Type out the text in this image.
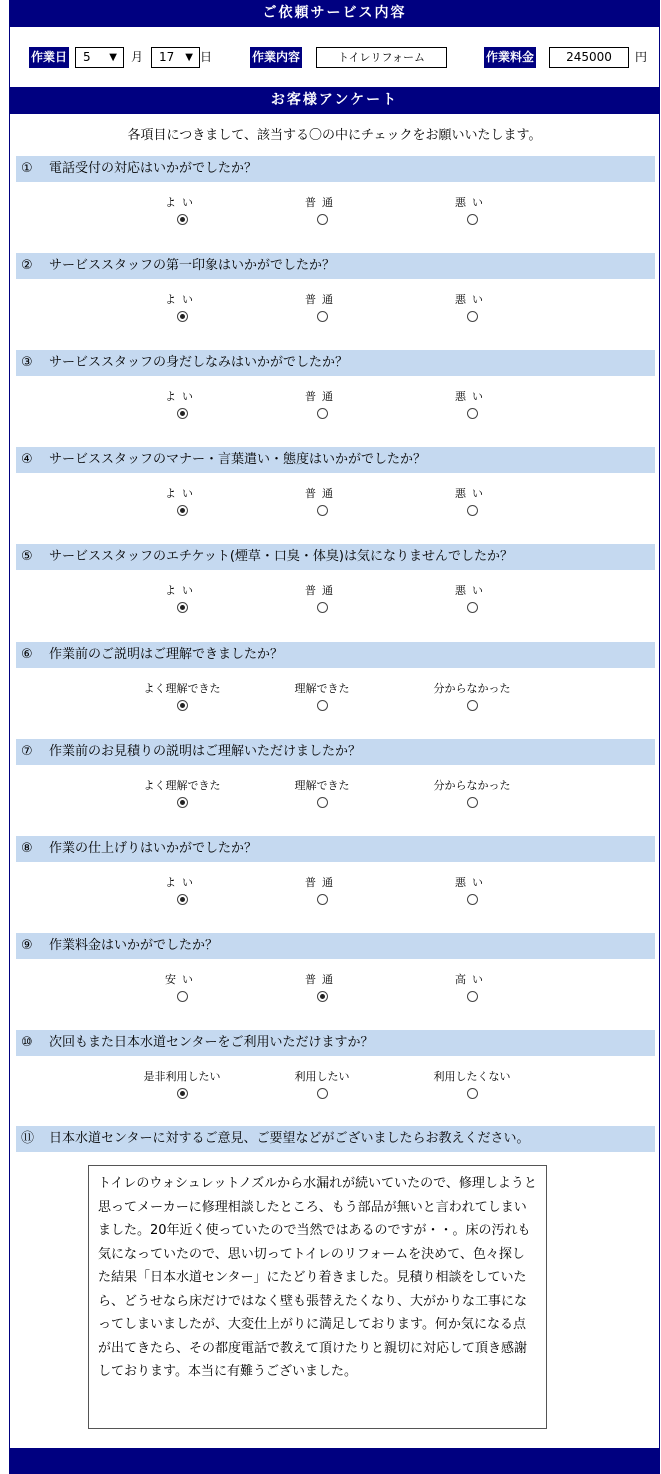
ご依頼サービス内容
作業日	5 ▼ 月	17 ▼ 日	作業内容	トイレリフォーム	作業料金	245000	円
お客様アンケート
各項目につきまして、該当する〇の中にチェックをお願いいたします。
① 電話受付の対応はいかがでしたか？
よい	普通	悪い
② サービススタッフの第一印象はいかがでしたか？
よい	普通	悪い
③ サービススタッフの身だしなみはいかがでしたか？
よい	普通	悪い
④ サービススタッフのマナー・言葉遣い・態度はいかがでしたか？
よい	普通	悪い
⑤ サービススタッフのエチケット(煙草・口臭・体臭)は気になりませんでしたか？
よい	普通	悪い
⑥ 作業前のご説明はご理解できましたか？
よく理解できた	理解できた	分からなかった
⑦ 作業前のお見積りの説明はご理解いただけましたか？
よく理解できた	理解できた	分からなかった
⑧ 作業の仕上げりはいかがでしたか？
よい	普通	悪い
⑨ 作業料金はいかがでしたか？
安い	普通	高い
⑩ 次回もまた日本水道センターをご利用いただけますか？
是非利用したい	利用したい	利用したくない
⑪ 日本水道センターに対するご意見、ご要望などがございましたらお教えください。
トイレのウォシュレットノズルから水漏れが続いていたので、修理しようと思ってメーカーに修理相談したところ、もう部品が無いと言われてしまいました。20年近く使っていたので当然ではあるのですが・・。床の汚れも気になっていたので、思い切ってトイレのリフォームを決めて、色々探した結果「日本水道センター」にたどり着きました。見積り相談をしていたら、どうせなら床だけではなく壁も張替えたくなり、大がかりな工事になってしまいましたが、大変仕上がりに満足しております。何か気になる点が出てきたら、その都度電話で教えて頂けたりと親切に対応して頂き感謝しております。本当に有難うございました。
